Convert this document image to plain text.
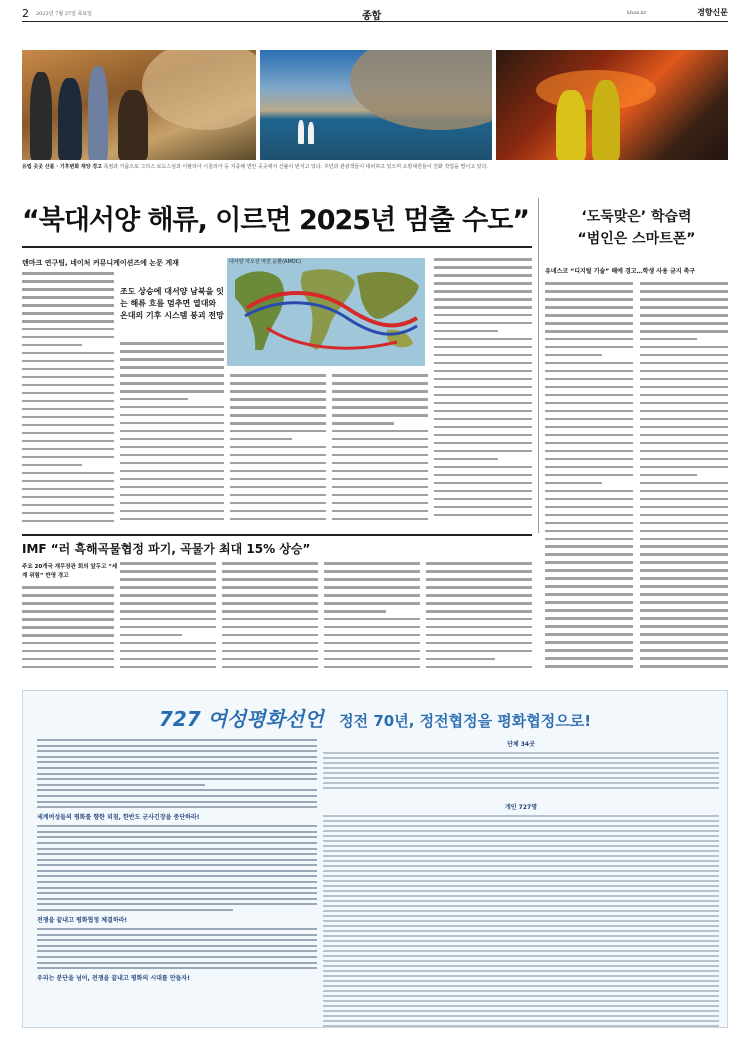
2 2023년 7월 27일 목요일	종합	khan.kr	경향신문
유럽 곳곳 산불 · 기후변화 재앙 경고 폭염과 가뭄으로 그리스 로도스섬과 이탈리아 시칠리아 등 지중해 연안 곳곳에서 산불이 번지고 있다. 주민과 관광객들이 대피하고 있으며 소방대원들이 진화 작업을 벌이고 있다.
“북대서양 해류, 이르면 2025년 멈출 수도”
덴마크 연구팀, 네이처 커뮤니케이션즈에 논문 게재
조도 상승에 대서양 남북을 잇는 해류 흐름 멈추면 열대와 온대의 기후 시스템 붕괴 전망
대서양 자오선 역전 순환(AMOC)
‘도둑맞은’ 학습력
“범인은 스마트폰”
유네스코 “디지털 기술” 해에 경고…학생 사용 금지 촉구
IMF “러 흑해곡물협정 파기, 곡물가 최대 15% 상승”
주요 20개국 재무장관 회의 앞두고 “세계 위험” 반영 경고
727 여성평화선언 정전 70년, 정전협정을 평화협정으로!
세계여성들의 평화를 향한 외침, 한반도 군사긴장을 중단하라!
전쟁을 끝내고 평화협정 체결하라!
우리는 분단을 넘어, 전쟁을 끝내고 평화의 시대를 만들자!
단체 34곳
개인 727명
